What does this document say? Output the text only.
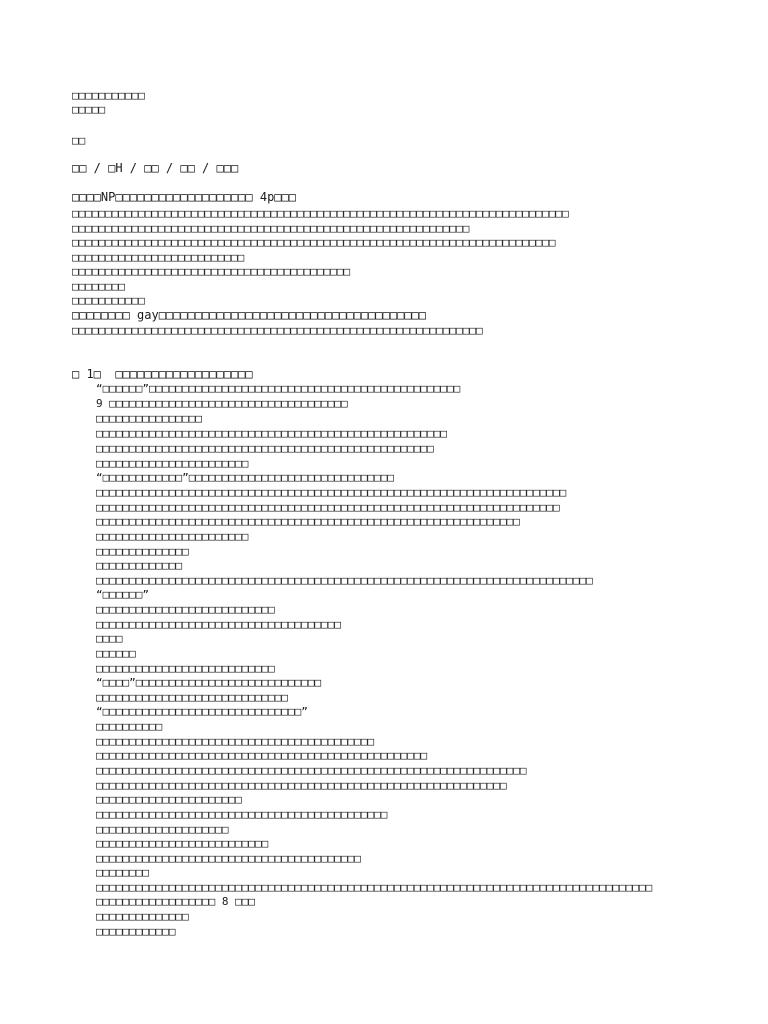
□□□□□□□□□□□
□□□□□
□□
□□ / □H / □□ / □□ / □□□
□□□□NP□□□□□□□□□□□□□□□□□□□ 4p□□□
□□□□□□□□□□□□□□□□□□□□□□□□□□□□□□□□□□□□□□□□□□□□□□□□□□□□□□□□□□□□□□□□□□□□□□□□□□□
□□□□□□□□□□□□□□□□□□□□□□□□□□□□□□□□□□□□□□□□□□□□□□□□□□□□□□□□□□□□
□□□□□□□□□□□□□□□□□□□□□□□□□□□□□□□□□□□□□□□□□□□□□□□□□□□□□□□□□□□□□□□□□□□□□□□□□
□□□□□□□□□□□□□□□□□□□□□□□□□□
□□□□□□□□□□□□□□□□□□□□□□□□□□□□□□□□□□□□□□□□□□
□□□□□□□□
□□□□□□□□□□□
□□□□□□□□ gay□□□□□□□□□□□□□□□□□□□□□□□□□□□□□□□□□□□□□
□□□□□□□□□□□□□□□□□□□□□□□□□□□□□□□□□□□□□□□□□□□□□□□□□□□□□□□□□□□□□□
□ 1□  □□□□□□□□□□□□□□□□□□□
“□□□□□□”□□□□□□□□□□□□□□□□□□□□□□□□□□□□□□□□□□□□□□□□□□□□□□□
9 □□□□□□□□□□□□□□□□□□□□□□□□□□□□□□□□□□□□
□□□□□□□□□□□□□□□□
□□□□□□□□□□□□□□□□□□□□□□□□□□□□□□□□□□□□□□□□□□□□□□□□□□□□□
□□□□□□□□□□□□□□□□□□□□□□□□□□□□□□□□□□□□□□□□□□□□□□□□□□□
□□□□□□□□□□□□□□□□□□□□□□□
“□□□□□□□□□□□□”□□□□□□□□□□□□□□□□□□□□□□□□□□□□□□□
□□□□□□□□□□□□□□□□□□□□□□□□□□□□□□□□□□□□□□□□□□□□□□□□□□□□□□□□□□□□□□□□□□□□□□□
□□□□□□□□□□□□□□□□□□□□□□□□□□□□□□□□□□□□□□□□□□□□□□□□□□□□□□□□□□□□□□□□□□□□□□
□□□□□□□□□□□□□□□□□□□□□□□□□□□□□□□□□□□□□□□□□□□□□□□□□□□□□□□□□□□□□□□□
□□□□□□□□□□□□□□□□□□□□□□□
□□□□□□□□□□□□□□
□□□□□□□□□□□□□
□□□□□□□□□□□□□□□□□□□□□□□□□□□□□□□□□□□□□□□□□□□□□□□□□□□□□□□□□□□□□□□□□□□□□□□□□□□
“□□□□□□”
□□□□□□□□□□□□□□□□□□□□□□□□□□□
□□□□□□□□□□□□□□□□□□□□□□□□□□□□□□□□□□□□□
□□□□
□□□□□□
□□□□□□□□□□□□□□□□□□□□□□□□□□□
“□□□□”□□□□□□□□□□□□□□□□□□□□□□□□□□□□
□□□□□□□□□□□□□□□□□□□□□□□□□□□□□
“□□□□□□□□□□□□□□□□□□□□□□□□□□□□□□”
□□□□□□□□□□
□□□□□□□□□□□□□□□□□□□□□□□□□□□□□□□□□□□□□□□□□□
□□□□□□□□□□□□□□□□□□□□□□□□□□□□□□□□□□□□□□□□□□□□□□□□□□
□□□□□□□□□□□□□□□□□□□□□□□□□□□□□□□□□□□□□□□□□□□□□□□□□□□□□□□□□□□□□□□□□
□□□□□□□□□□□□□□□□□□□□□□□□□□□□□□□□□□□□□□□□□□□□□□□□□□□□□□□□□□□□□□
□□□□□□□□□□□□□□□□□□□□□□
□□□□□□□□□□□□□□□□□□□□□□□□□□□□□□□□□□□□□□□□□□□□
□□□□□□□□□□□□□□□□□□□□
□□□□□□□□□□□□□□□□□□□□□□□□□□
□□□□□□□□□□□□□□□□□□□□□□□□□□□□□□□□□□□□□□□□
□□□□□□□□
□□□□□□□□□□□□□□□□□□□□□□□□□□□□□□□□□□□□□□□□□□□□□□□□□□□□□□□□□□□□□□□□□□□□□□□□□□□□□□□□□□□□
□□□□□□□□□□□□□□□□□□ 8 □□□
□□□□□□□□□□□□□□
□□□□□□□□□□□□
